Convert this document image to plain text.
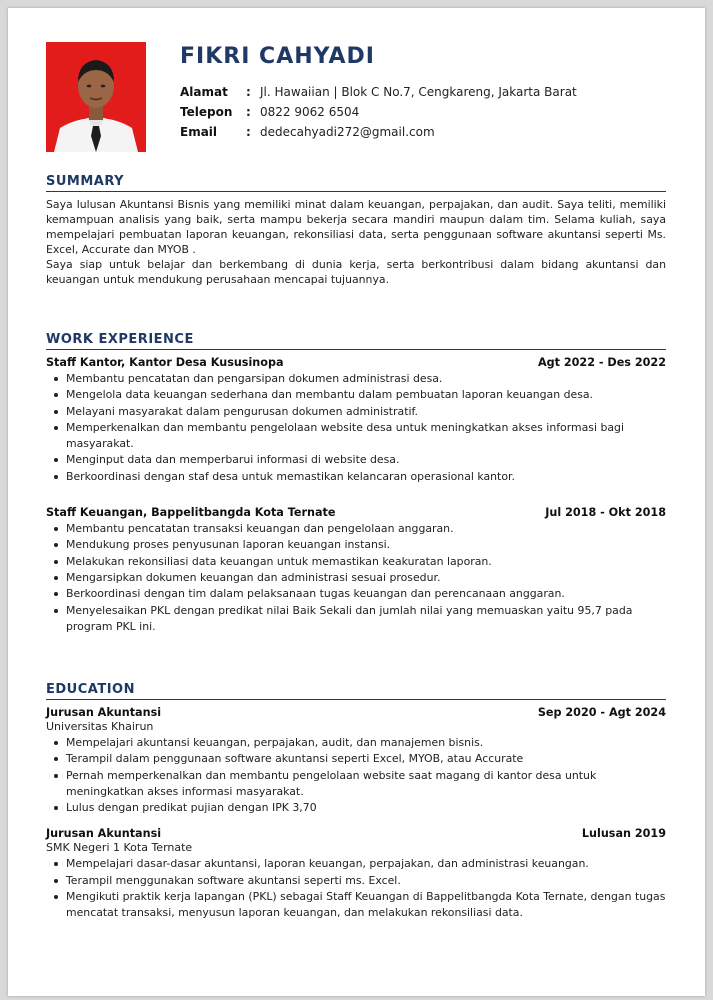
FIKRI CAHYADI
Alamat	: Jl. Hawaiian | Blok C No.7, Cengkareng, Jakarta Barat
Telepon	: 0822 9062 6504
Email	: dedecahyadi272@gmail.com
SUMMARY

Saya lulusan Akuntansi Bisnis yang memiliki minat dalam keuangan, perpajakan, dan audit. Saya teliti, memiliki kemampuan analisis yang baik, serta mampu bekerja secara mandiri maupun dalam tim. Selama kuliah, saya mempelajari pembuatan laporan keuangan, rekonsiliasi data, serta penggunaan software akuntansi seperti Ms. Excel, Accurate dan MYOB .

Saya siap untuk belajar dan berkembang di dunia kerja, serta berkontribusi dalam bidang akuntansi dan keuangan untuk mendukung perusahaan mencapai tujuannya.

WORK EXPERIENCE
Staff Kantor, Kantor Desa Kususinopa	Agt 2022 - Des 2022
Membantu pencatatan dan pengarsipan dokumen administrasi desa.
Mengelola data keuangan sederhana dan membantu dalam pembuatan laporan keuangan desa.
Melayani masyarakat dalam pengurusan dokumen administratif.
Memperkenalkan dan membantu pengelolaan website desa untuk meningkatkan akses informasi bagi masyarakat.
Menginput data dan memperbarui informasi di website desa.
Berkoordinasi dengan staf desa untuk memastikan kelancaran operasional kantor.
Staff Keuangan, Bappelitbangda Kota Ternate	Jul 2018 - Okt 2018
Membantu pencatatan transaksi keuangan dan pengelolaan anggaran.
Mendukung proses penyusunan laporan keuangan instansi.
Melakukan rekonsiliasi data keuangan untuk memastikan keakuratan laporan.
Mengarsipkan dokumen keuangan dan administrasi sesuai prosedur.
Berkoordinasi dengan tim dalam pelaksanaan tugas keuangan dan perencanaan anggaran.
Menyelesaikan PKL dengan predikat nilai Baik Sekali dan jumlah nilai yang memuaskan yaitu 95,7 pada program PKL ini.
EDUCATION
Jurusan Akuntansi	Sep 2020 - Agt 2024
Universitas Khairun
Mempelajari akuntansi keuangan, perpajakan, audit, dan manajemen bisnis.
Terampil dalam penggunaan software akuntansi seperti Excel, MYOB, atau Accurate
Pernah memperkenalkan dan membantu pengelolaan website saat magang di kantor desa untuk meningkatkan akses informasi masyarakat.
Lulus dengan predikat pujian dengan IPK 3,70
Jurusan Akuntansi	Lulusan 2019
SMK Negeri 1 Kota Ternate
Mempelajari dasar-dasar akuntansi, laporan keuangan, perpajakan, dan administrasi keuangan.
Terampil menggunakan software akuntansi seperti ms. Excel.
Mengikuti praktik kerja lapangan (PKL) sebagai Staff Keuangan di Bappelitbangda Kota Ternate, dengan tugas mencatat transaksi, menyusun laporan keuangan, dan melakukan rekonsiliasi data.
